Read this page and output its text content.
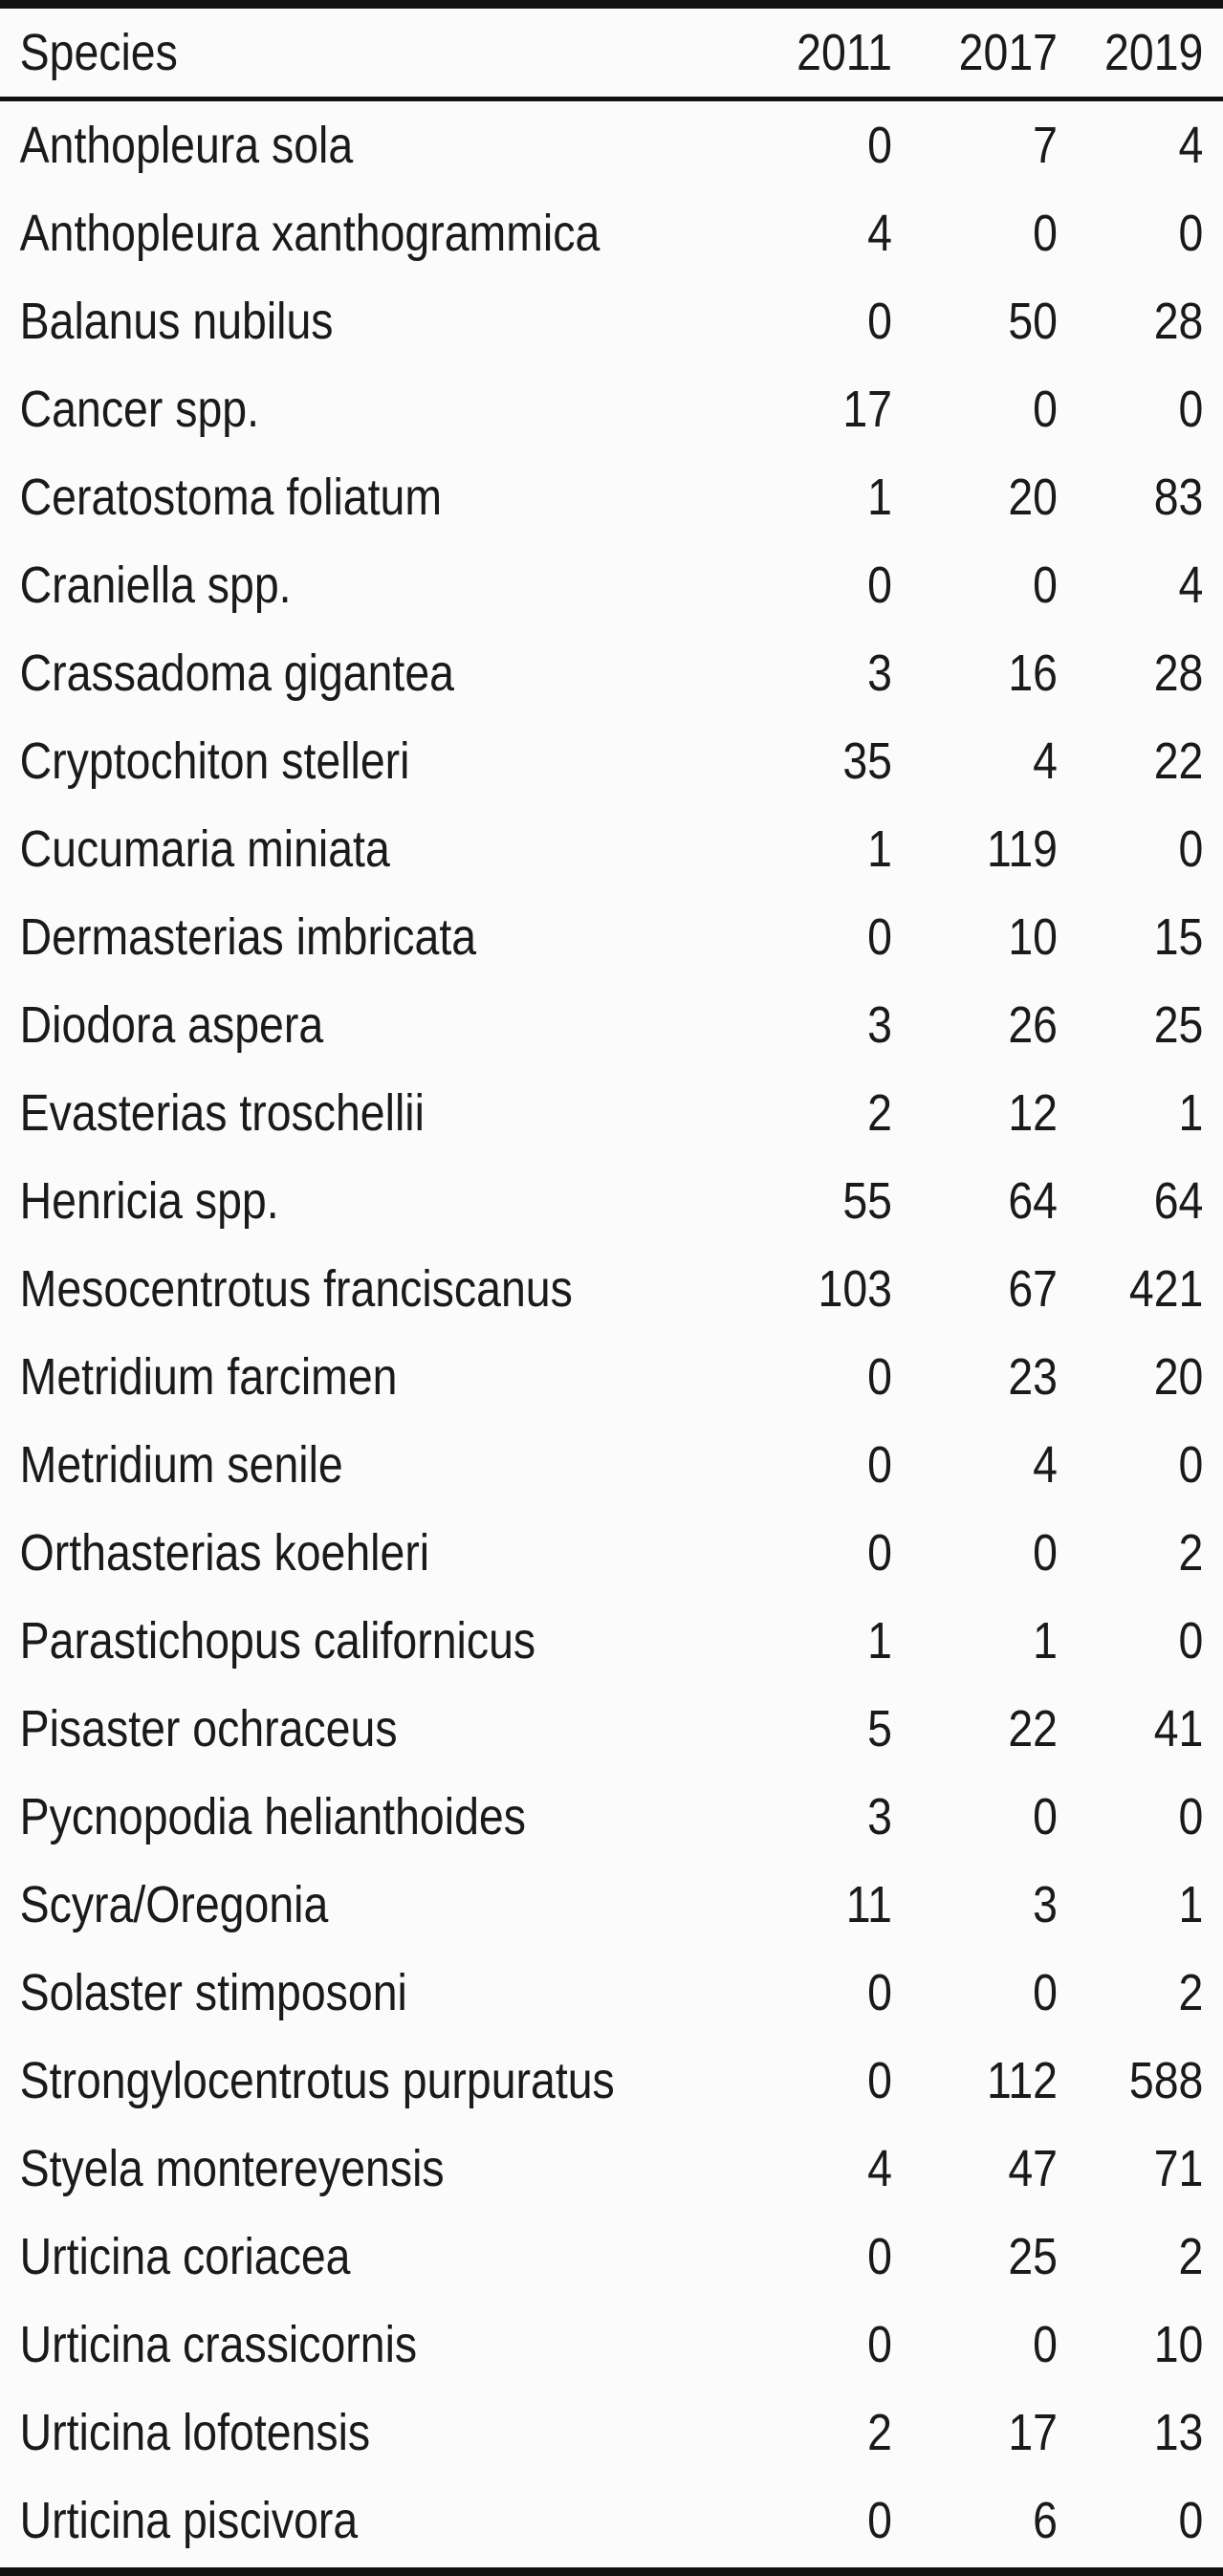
Species	2011	2017	2019
Anthopleura sola	0	7	4
Anthopleura xanthogrammica	4	0	0
Balanus nubilus	0	50	28
Cancer spp.	17	0	0
Ceratostoma foliatum	1	20	83
Craniella spp.	0	0	4
Crassadoma gigantea	3	16	28
Cryptochiton stelleri	35	4	22
Cucumaria miniata	1	119	0
Dermasterias imbricata	0	10	15
Diodora aspera	3	26	25
Evasterias troschellii	2	12	1
Henricia spp.	55	64	64
Mesocentrotus franciscanus	103	67	421
Metridium farcimen	0	23	20
Metridium senile	0	4	0
Orthasterias koehleri	0	0	2
Parastichopus californicus	1	1	0
Pisaster ochraceus	5	22	41
Pycnopodia helianthoides	3	0	0
Scyra/Oregonia	11	3	1
Solaster stimposoni	0	0	2
Strongylocentrotus purpuratus	0	112	588
Styela montereyensis	4	47	71
Urticina coriacea	0	25	2
Urticina crassicornis	0	0	10
Urticina lofotensis	2	17	13
Urticina piscivora	0	6	0
